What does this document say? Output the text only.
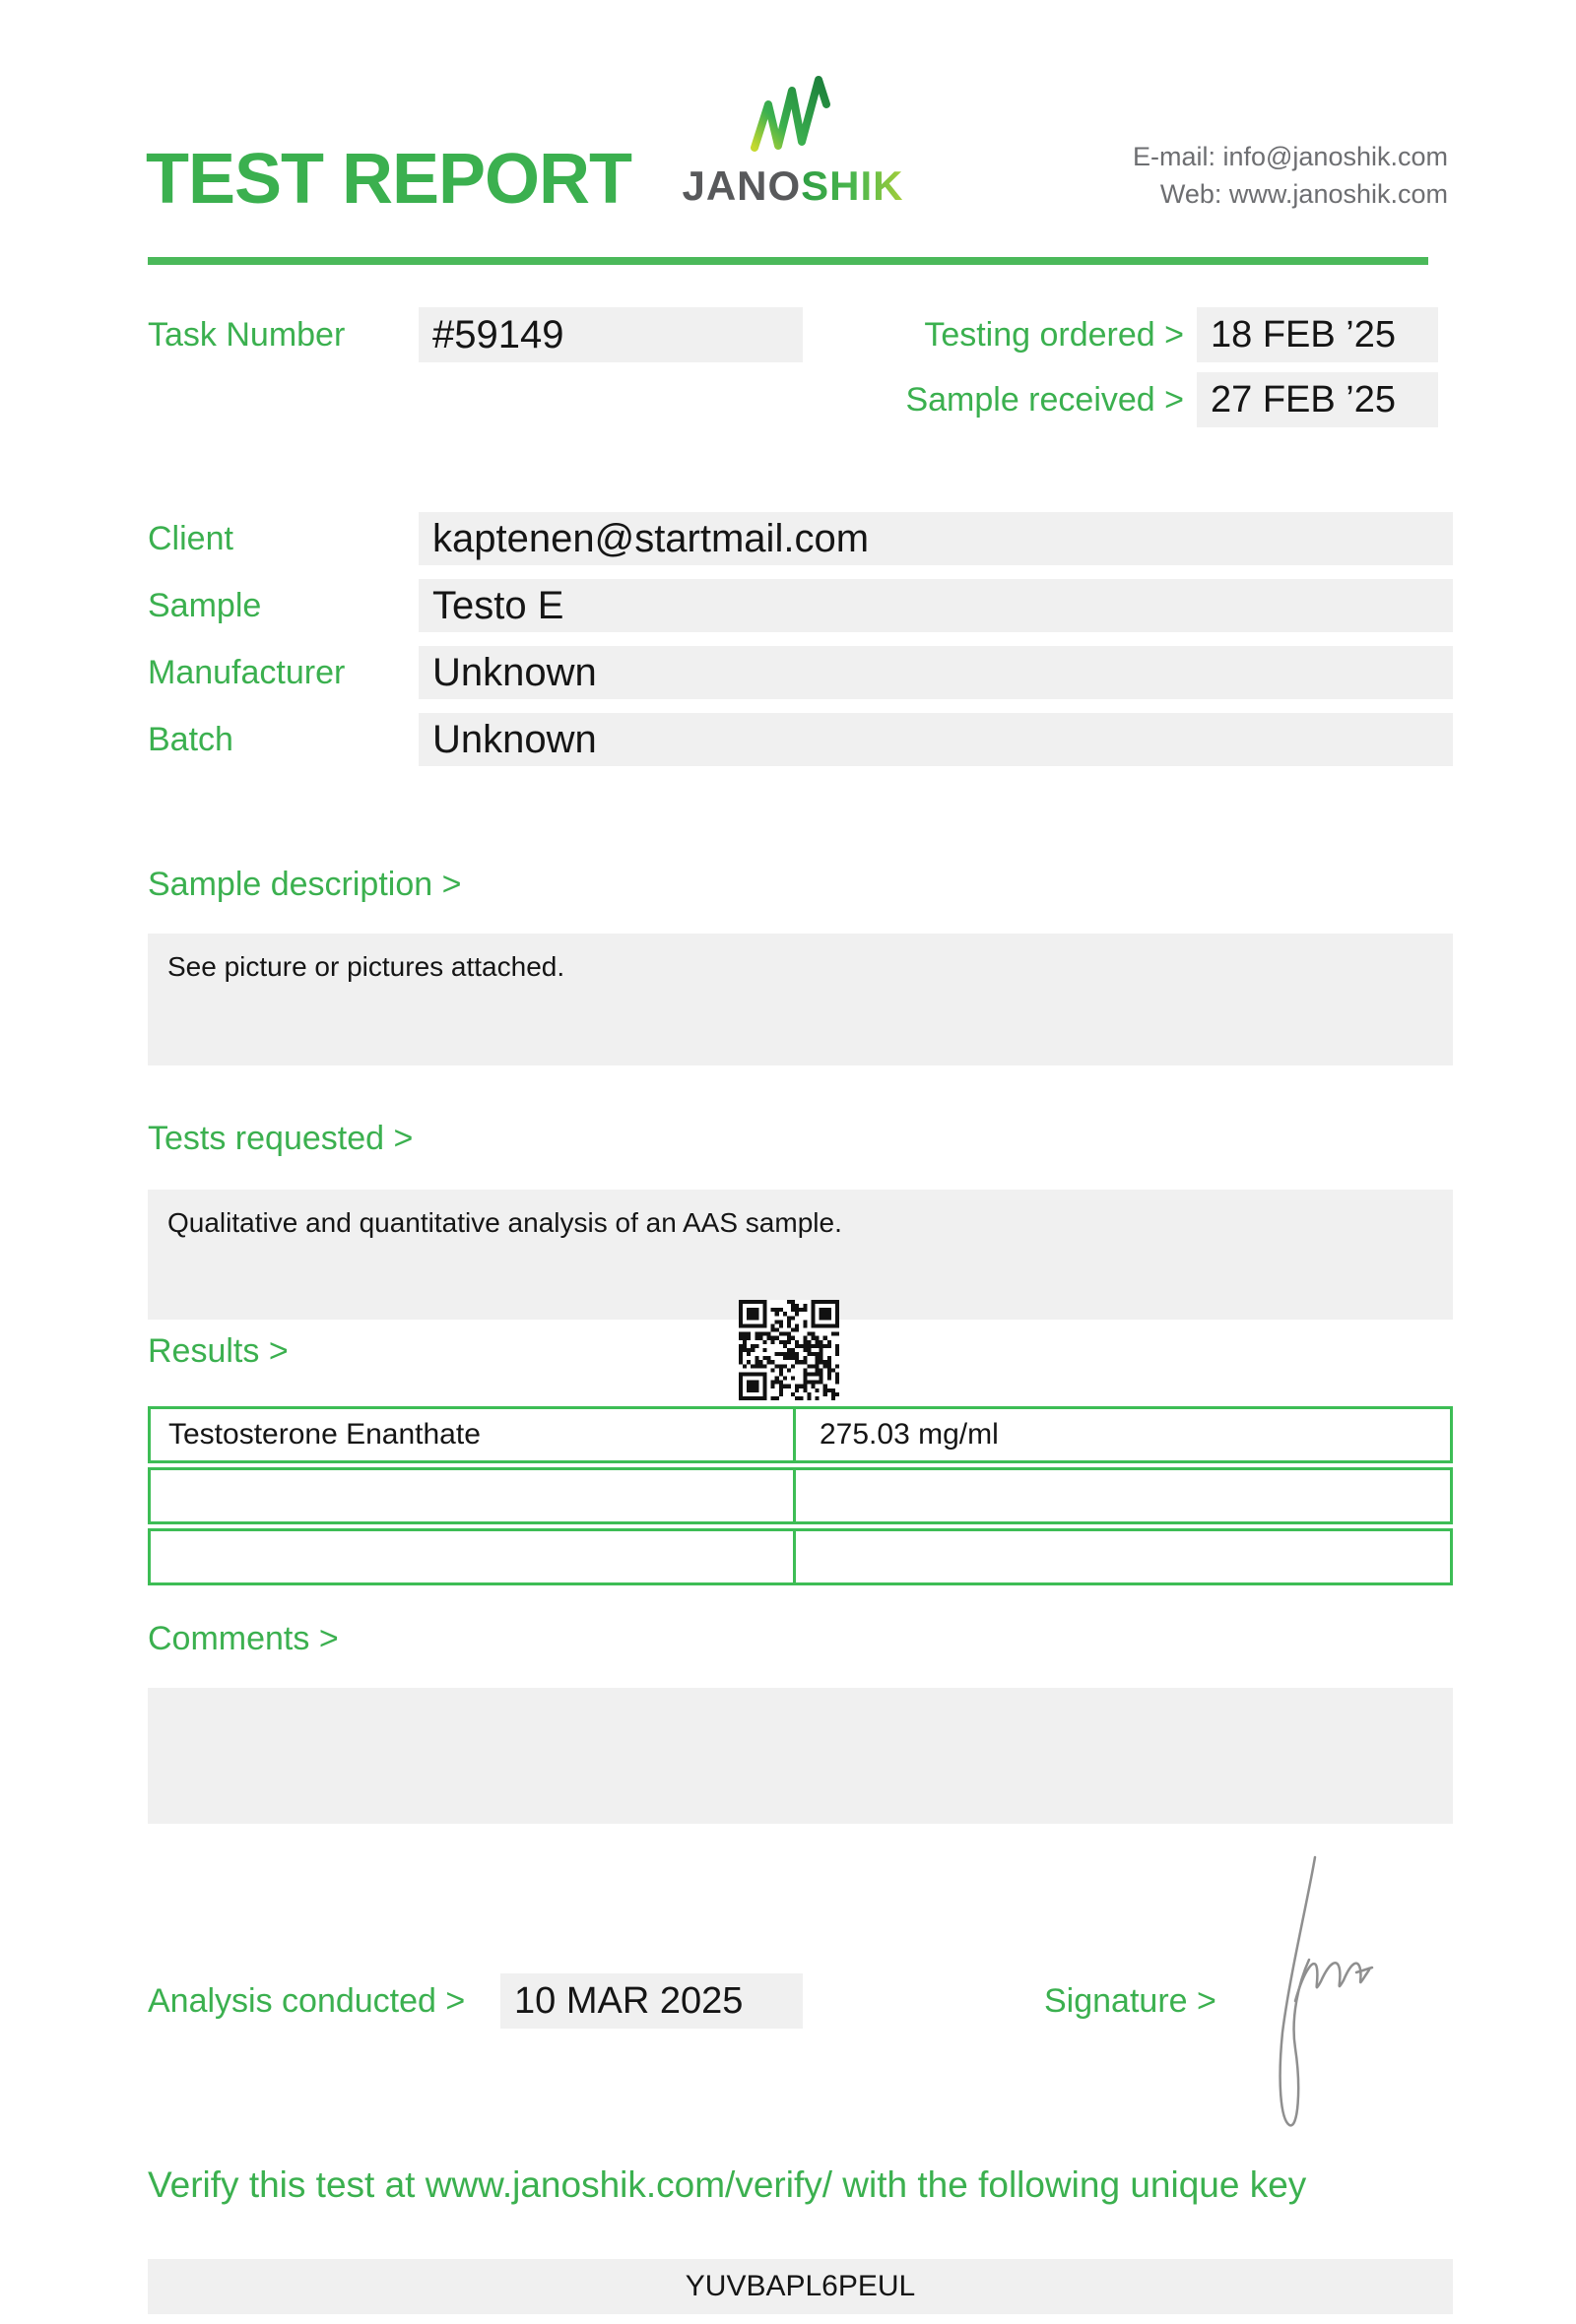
TEST REPORT JANOSHIK
E-mail: info@janoshik.com
Web: www.janoshik.com
Task Number	#59149	Testing ordered > 18 FEB ’25
Sample received > 27 FEB ’25
Client	kaptenen@startmail.com
Sample	Testo E
Manufacturer	Unknown
Batch	Unknown
Sample description >
See picture or pictures attached.
Tests requested >
Qualitative and quantitative analysis of an AAS sample.
Results >
Testosterone Enanthate	275.03 mg/ml
Comments >
Analysis conducted >	10 MAR 2025	Signature >
Verify this test at www.janoshik.com/verify/ with the following unique key
YUVBAPL6PEUL
